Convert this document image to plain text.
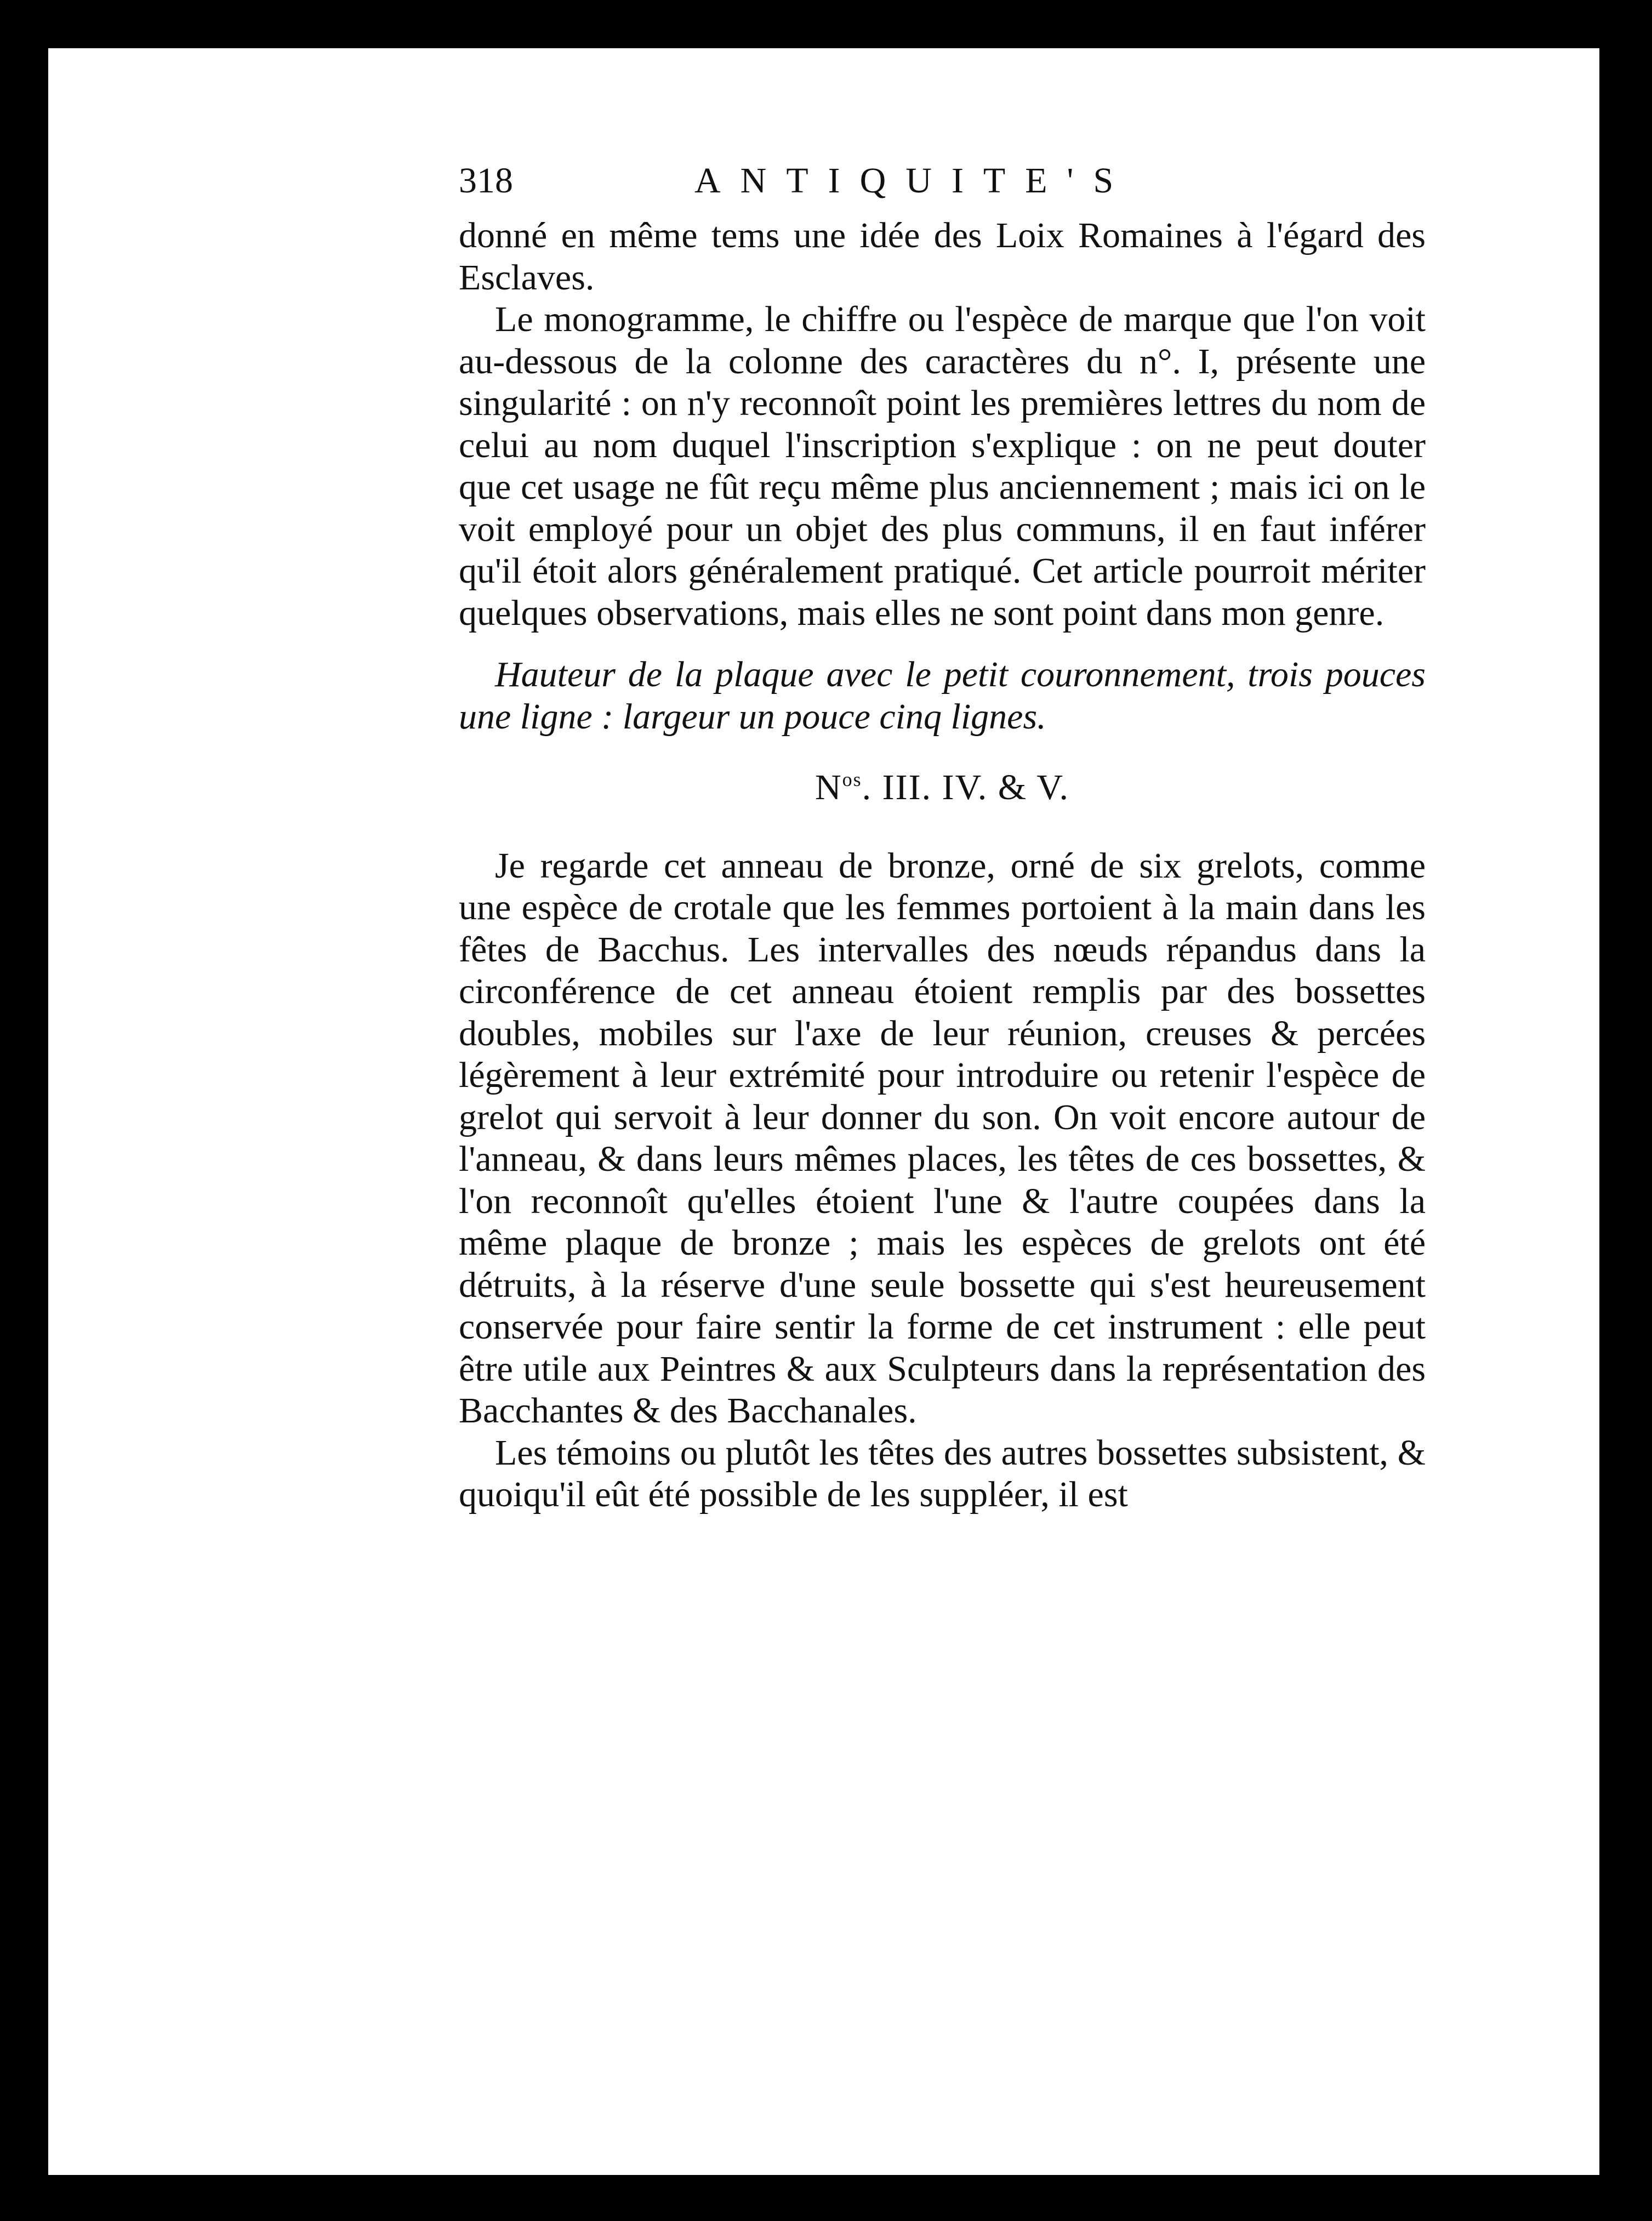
318	ANTIQUITE'S

donné en même tems une idée des Loix Romaines à l'égard des Esclaves.

Le monogramme, le chiffre ou l'espèce de marque que l'on voit au-dessous de la colonne des caractères du n°. I, présente une singularité : on n'y reconnoît point les premières lettres du nom de celui au nom duquel l'inscription s'explique : on ne peut douter que cet usage ne fût reçu même plus anciennement ; mais ici on le voit employé pour un objet des plus communs, il en faut inférer qu'il étoit alors généralement pratiqué. Cet article pourroit mériter quelques observations, mais elles ne sont point dans mon genre.

Hauteur de la plaque avec le petit couronnement, trois pouces une ligne : largeur un pouce cinq lignes.

$N^{os}$. III. IV. & V.

Je regarde cet anneau de bronze, orné de six grelots, comme une espèce de crotale que les femmes portoient à la main dans les fêtes de Bacchus. Les intervalles des nœuds répandus dans la circonférence de cet anneau étoient remplis par des bossettes doubles, mobiles sur l'axe de leur réunion, creuses & percées légèrement à leur extrémité pour introduire ou retenir l'espèce de grelot qui servoit à leur donner du son. On voit encore autour de l'anneau, & dans leurs mêmes places, les têtes de ces bossettes, & l'on reconnoît qu'elles étoient l'une & l'autre coupées dans la même plaque de bronze ; mais les espèces de grelots ont été détruits, à la réserve d'une seule bossette qui s'est heureusement conservée pour faire sentir la forme de cet instrument : elle peut être utile aux Peintres & aux Sculpteurs dans la représentation des Bacchantes & des Bacchanales.

Les témoins ou plutôt les têtes des autres bossettes subsistent, & quoiqu'il eût été possible de les suppléer, il est
